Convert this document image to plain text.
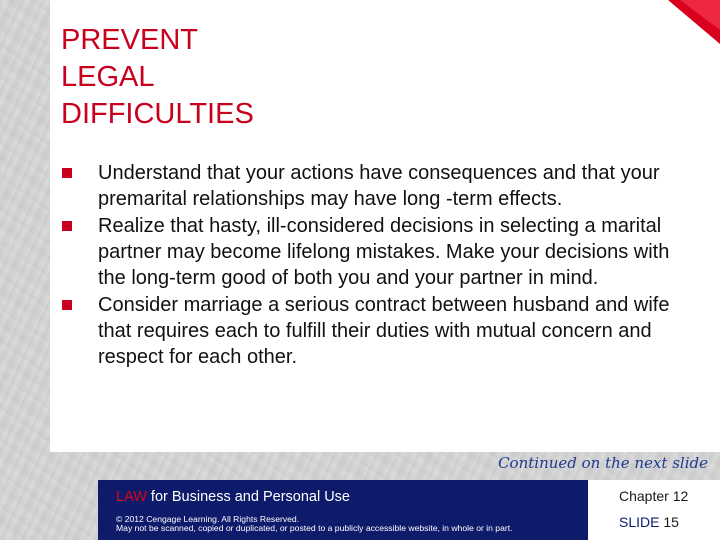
PREVENT
LEGAL
DIFFICULTIES
Understand that your actions have consequences and that your premarital relationships may have long -term effects.
Realize that hasty, ill-considered decisions in selecting a marital partner may become lifelong mistakes. Make your decisions with the long-term good of both you and your partner in mind.
Consider marriage a serious contract between husband and wife that requires each to fulfill their duties with mutual concern and respect for each other.
Continued on the next slide
LAW for Business and Personal Use
© 2012 Cengage Learning. All Rights Reserved.
May not be scanned, copied or duplicated, or posted to a publicly accessible website, in whole or in part.
Chapter 12
SLIDE 15
